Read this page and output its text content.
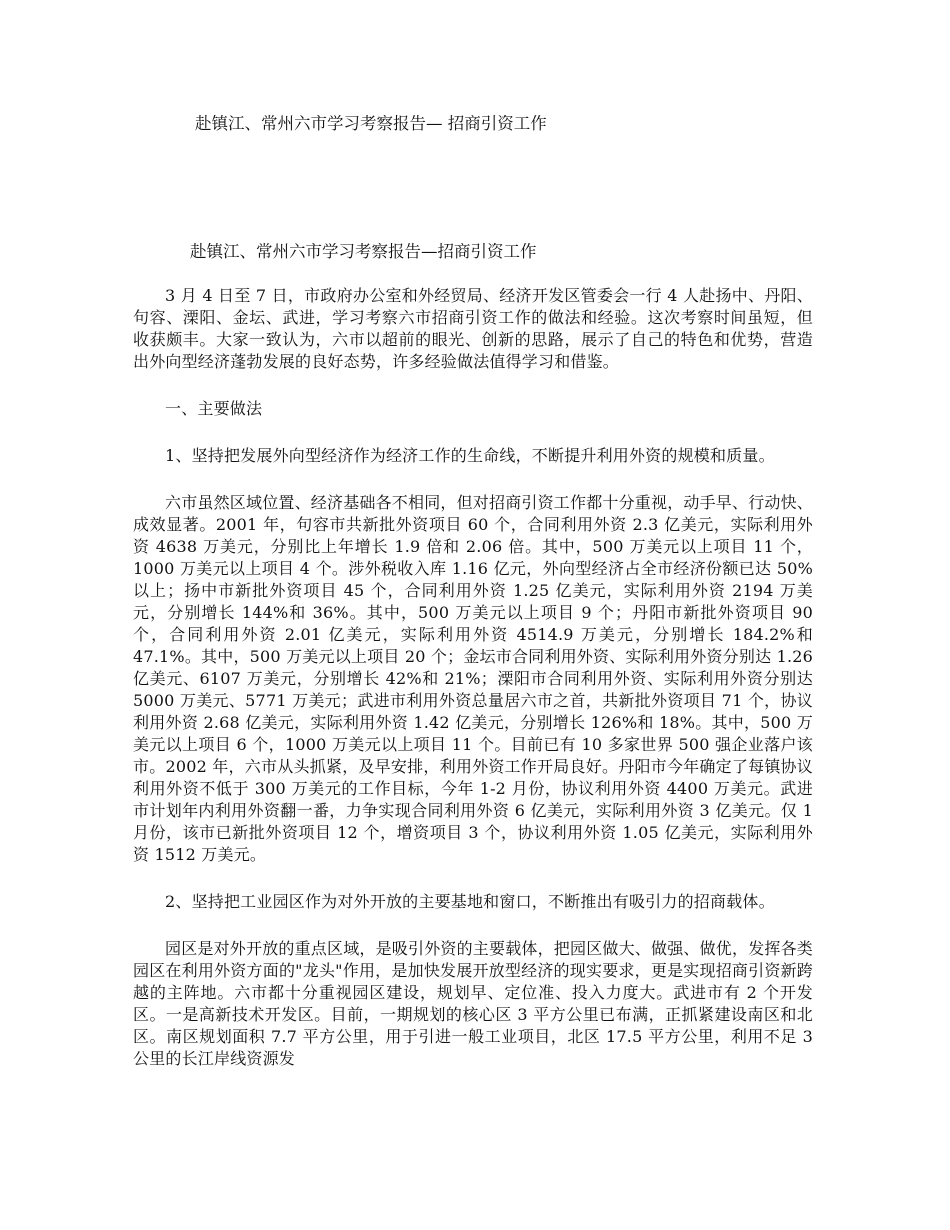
赴镇江、常州六市学习考察报告— 招商引资工作
赴镇江、常州六市学习考察报告—招商引资工作

3 月 4 日至 7 日，市政府办公室和外经贸局、经济开发区管委会一行 4 人赴扬中、丹阳、句容、溧阳、金坛、武进，学习考察六市招商引资工作的做法和经验。这次考察时间虽短，但收获颇丰。大家一致认为，六市以超前的眼光、创新的思路，展示了自己的特色和优势，营造出外向型经济蓬勃发展的良好态势，许多经验做法值得学习和借鉴。

一、主要做法

1、坚持把发展外向型经济作为经济工作的生命线，不断提升利用外资的规模和质量。

六市虽然区域位置、经济基础各不相同，但对招商引资工作都十分重视，动手早、行动快、成效显著。2001 年，句容市共新批外资项目 60 个，合同利用外资 2.3 亿美元，实际利用外资 4638 万美元，分别比上年增长 1.9 倍和 2.06 倍。其中，500 万美元以上项目 11 个，1000 万美元以上项目 4 个。涉外税收入库 1.16 亿元，外向型经济占全市经济份额已达 50%以上；扬中市新批外资项目 45 个，合同利用外资 1.25 亿美元，实际利用外资 2194 万美元，分别增长 144%和 36%。其中，500 万美元以上项目 9 个；丹阳市新批外资项目 90 个，合同利用外资 2.01 亿美元，实际利用外资 4514.9 万美元，分别增长 184.2%和 47.1%。其中，500 万美元以上项目 20 个；金坛市合同利用外资、实际利用外资分别达 1.26 亿美元、6107 万美元，分别增长 42%和 21%；溧阳市合同利用外资、实际利用外资分别达 5000 万美元、5771 万美元；武进市利用外资总量居六市之首，共新批外资项目 71 个，协议利用外资 2.68 亿美元，实际利用外资 1.42 亿美元，分别增长 126%和 18%。其中，500 万美元以上项目 6 个，1000 万美元以上项目 11 个。目前已有 10 多家世界 500 强企业落户该市。2002 年，六市从头抓紧，及早安排，利用外资工作开局良好。丹阳市今年确定了每镇协议利用外资不低于 300 万美元的工作目标，今年 1-2 月份，协议利用外资 4400 万美元。武进市计划年内利用外资翻一番，力争实现合同利用外资 6 亿美元，实际利用外资 3 亿美元。仅 1 月份，该市已新批外资项目 12 个，增资项目 3 个，协议利用外资 1.05 亿美元，实际利用外资 1512 万美元。

2、坚持把工业园区作为对外开放的主要基地和窗口，不断推出有吸引力的招商载体。

园区是对外开放的重点区域，是吸引外资的主要载体，把园区做大、做强、做优，发挥各类园区在利用外资方面的"龙头"作用，是加快发展开放型经济的现实要求，更是实现招商引资新跨越的主阵地。六市都十分重视园区建设，规划早、定位准、投入力度大。武进市有 2 个开发区。一是高新技术开发区。目前，一期规划的核心区 3 平方公里已布满，正抓紧建设南区和北区。南区规划面积 7.7 平方公里，用于引进一般工业项目，北区 17.5 平方公里，利用不足 3 公里的长江岸线资源发
